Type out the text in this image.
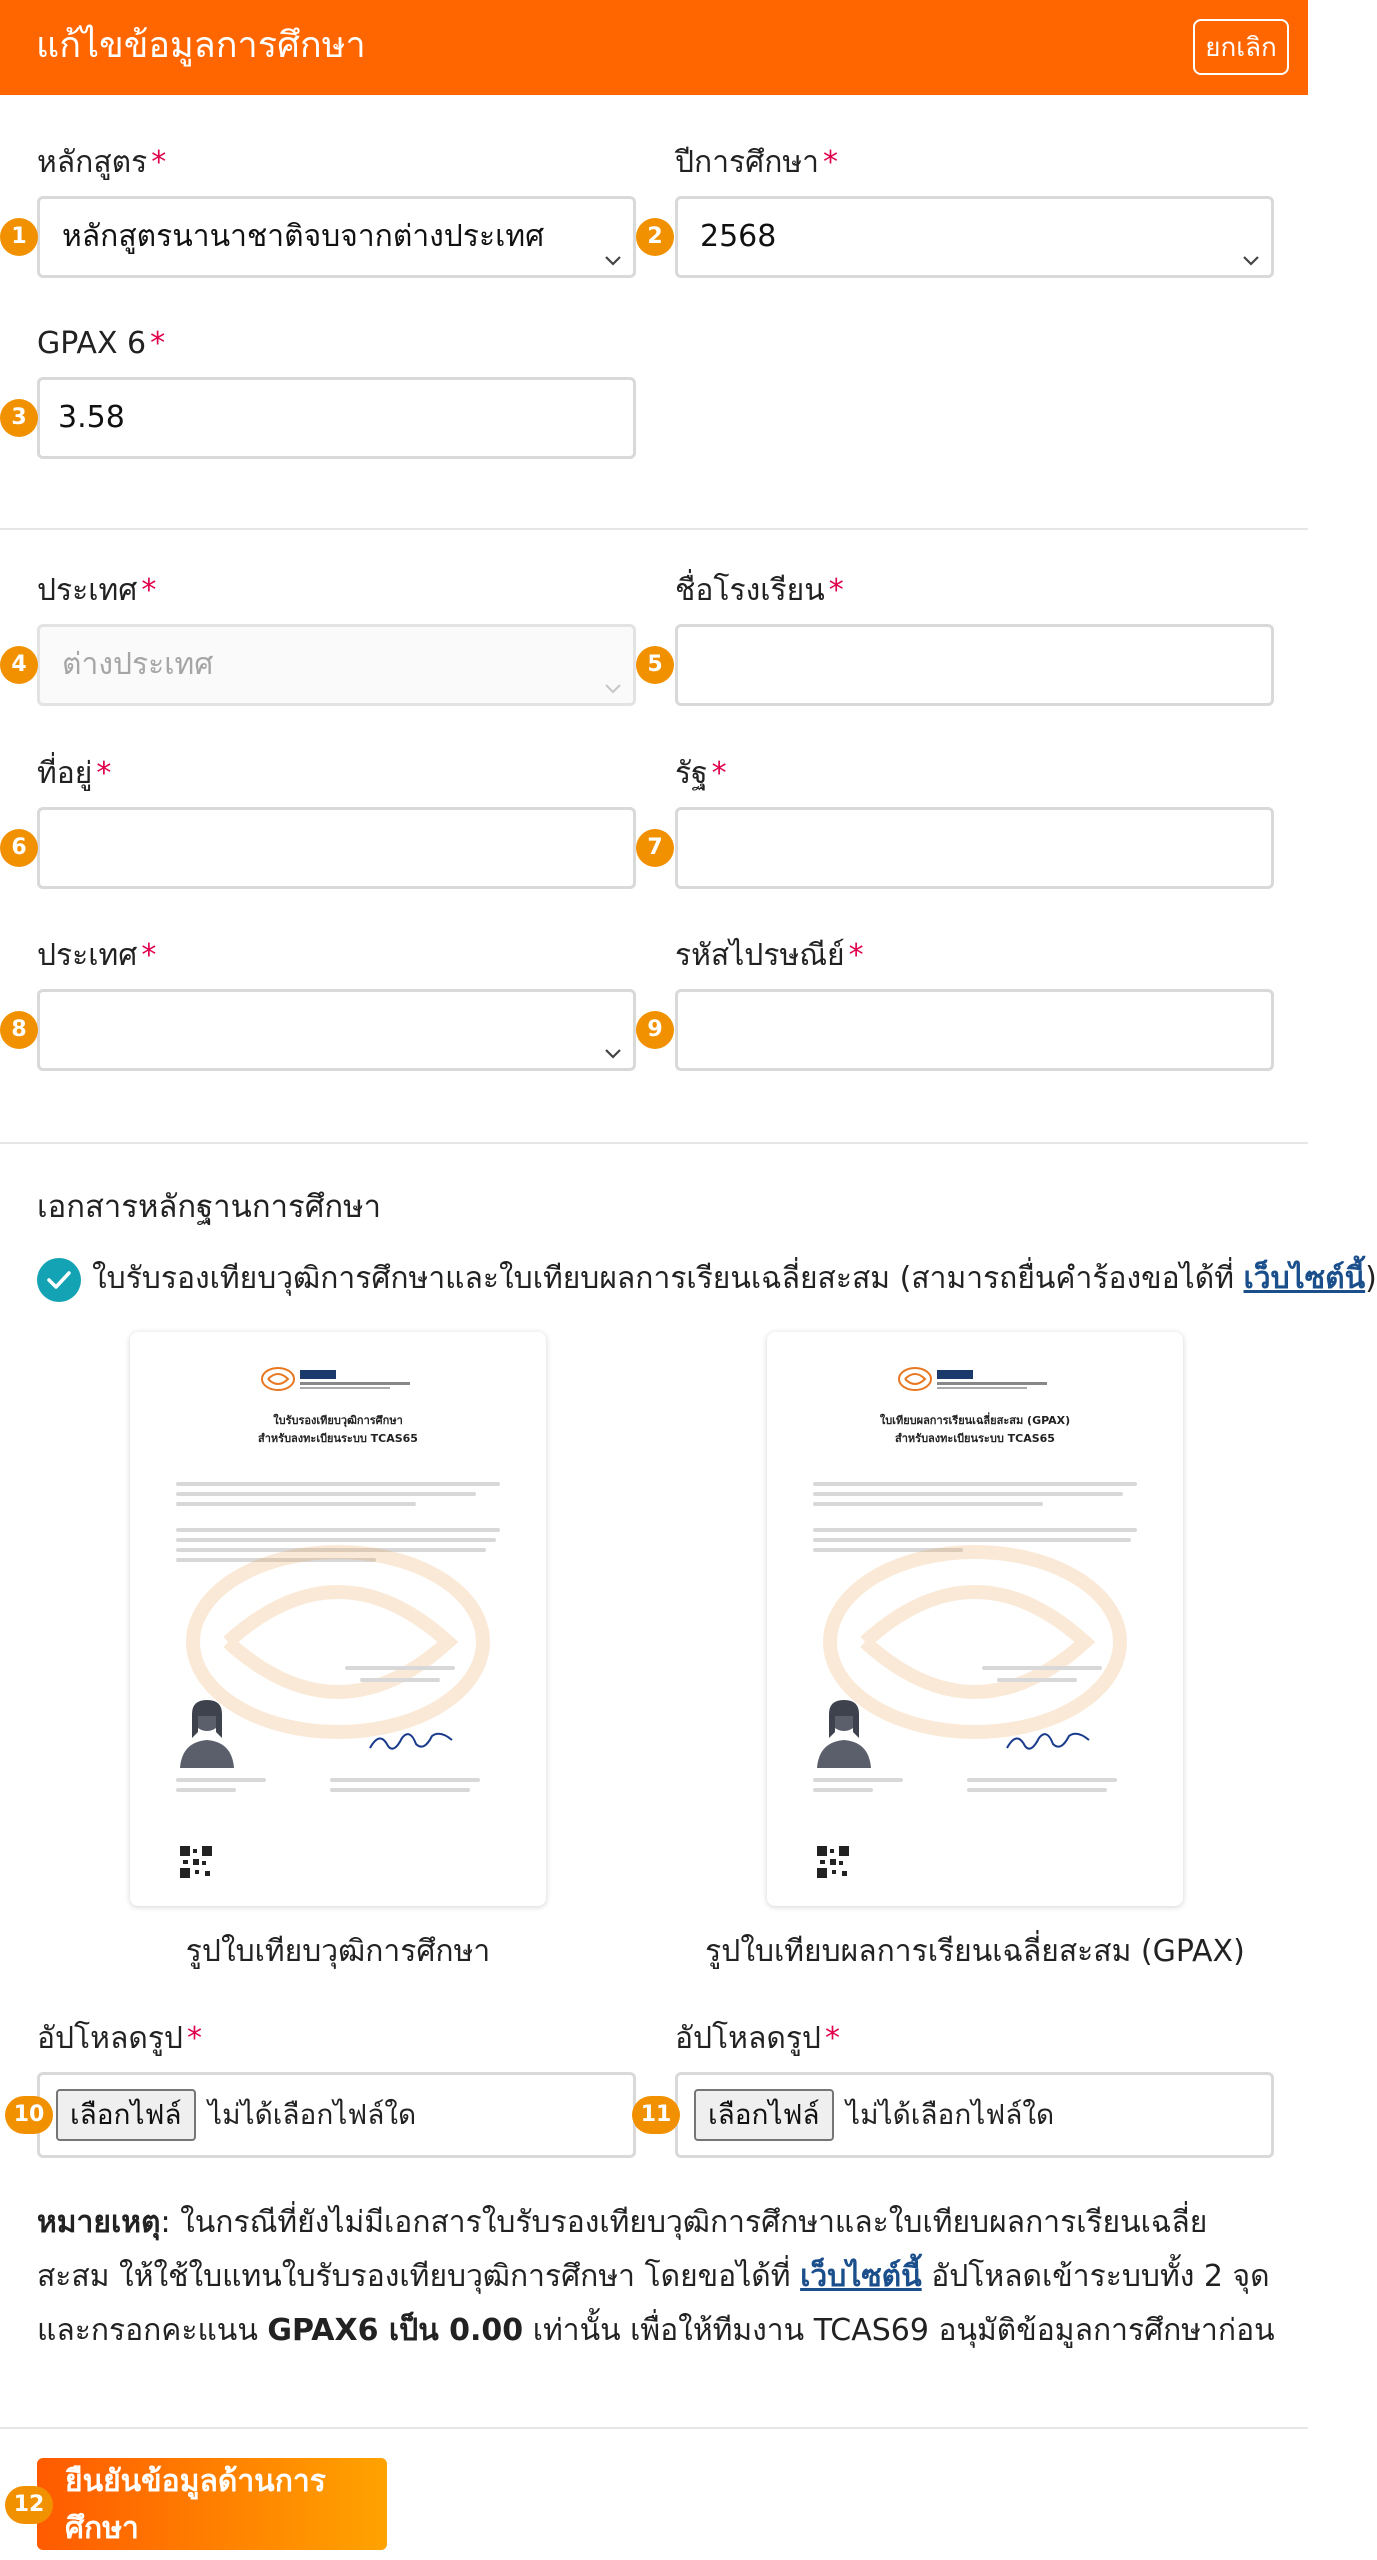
แก้ไขข้อมูลการศึกษา	ยกเลิก
หลักสูตร *
หลักสูตรนานาชาติจบจากต่างประเทศ
1
ปีการศึกษา *
2568
2
GPAX 6 *
3.58
3
ประเทศ *
ต่างประเทศ
4
ชื่อโรงเรียน *
5
ที่อยู่ *
6
รัฐ *
7
ประเทศ *
8
รหัสไปรษณีย์ *
9
เอกสารหลักฐานการศึกษา
ใบรับรองเทียบวุฒิการศึกษาและใบเทียบผลการเรียนเฉลี่ยสะสม (สามารถยื่นคำร้องขอได้ที่ เว็บไซต์นี้)
ใบรับรองเทียบวุฒิการศึกษา
สำหรับลงทะเบียนระบบ TCAS65
ใบเทียบผลการเรียนเฉลี่ยสะสม (GPAX)
สำหรับลงทะเบียนระบบ TCAS65
รูปใบเทียบวุฒิการศึกษา	รูปใบเทียบผลการเรียนเฉลี่ยสะสม (GPAX)
อัปโหลดรูป *	อัปโหลดรูป *
เลือกไฟล์ ไม่ได้เลือกไฟล์ใด
10	เลือกไฟล์ ไม่ได้เลือกไฟล์ใด
11
หมายเหตุ: ในกรณีที่ยังไม่มีเอกสารใบรับรองเทียบวุฒิการศึกษาและใบเทียบผลการเรียนเฉลี่ยสะสม ให้ใช้ใบแทนใบรับรองเทียบวุฒิการศึกษา โดยขอได้ที่ เว็บไซต์นี้ อัปโหลดเข้าระบบทั้ง 2 จุด และกรอกคะแนน GPAX6 เป็น 0.00 เท่านั้น เพื่อให้ทีมงาน TCAS69 อนุมัติข้อมูลการศึกษาก่อน
ยืนยันข้อมูลด้านการศึกษา
12
